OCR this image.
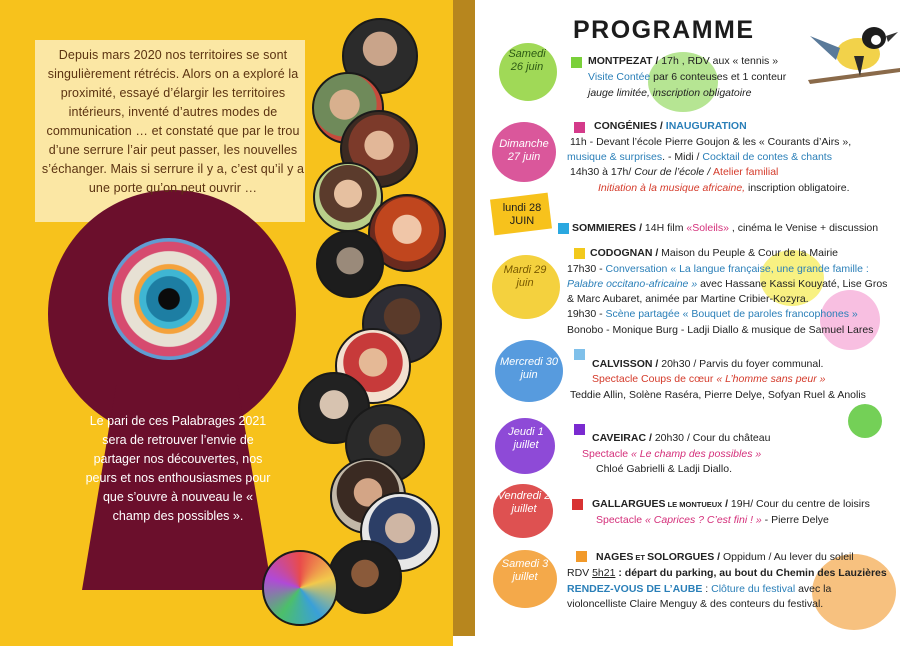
Depuis mars 2020 nos territoires se sont singulièrement rétrécis. Alors on a exploré la proximité, essayé d’élargir les territoires intérieurs, inventé d’autres modes de communication … et constaté que par le trou d’une serrure l’air peut passer, les nouvelles s’échanger. Mais si serrure il y a, c’est qu’il y a une porte qu’on peut ouvrir …
Le pari de ces Palabrages 2021 sera de retrouver l’envie de partager nos découvertes, nos peurs et nos enthousiasmes pour que s’ouvre à nouveau le « champ des possibles ».
PROGRAMME
Samedi 26 juin
Dimanche 27 juin
lundi 28 JUIN
Mardi 29 juin
Mercredi 30 juin
Jeudi 1 juillet
Vendredi 2 juillet
Samedi 3 juillet
MONTPEZAT / 17h , RDV aux « tennis »
Visite Contée par 6 conteuses et 1 conteur
jauge limitée, inscription obligatoire
CONGÉNIES / INAUGURATION
11h - Devant l’école Pierre Goujon & les « Courants d’Airs »,
musique & surprises. - Midi / Cocktail de contes & chants
14h30 à 17h/ Cour de l’école / Atelier familial
Initiation à la musique africaine, inscription obligatoire.
SOMMIERES / 14H film «Soleils» , cinéma le Venise + discussion
CODOGNAN / Maison du Peuple & Cour de la Mairie
17h30 - Conversation « La langue française, une grande famille :
Palabre occitano-africaine » avec Hassane Kassi Kouyaté, Lise Gros
& Marc Aubaret, animée par Martine Cribier-Kozyra.
19h30 - Scène partagée « Bouquet de paroles francophones »
Bonobo - Monique Burg - Ladji Diallo & musique de Samuel Lares
CALVISSON / 20h30 / Parvis du foyer communal.
Spectacle Coups de cœur « L’homme sans peur »
Teddie Allin, Solène Raséra, Pierre Delye, Sofyan Ruel & Anolis
CAVEIRAC / 20h30 / Cour du château
Spectacle « Le champ des possibles »
Chloé Gabrielli & Ladji Diallo.
GALLARGUES LE MONTUEUX / 19H/ Cour du centre de loisirs
Spectacle « Caprices ? C’est fini ! » - Pierre Delye
NAGES ET SOLORGUES / Oppidum / Au lever du soleil
RDV 5h21 : départ du parking, au bout du Chemin des Lauzières
RENDEZ-VOUS DE L’AUBE : Clôture du festival avec la
violoncelliste Claire Menguy & des conteurs du festival.
